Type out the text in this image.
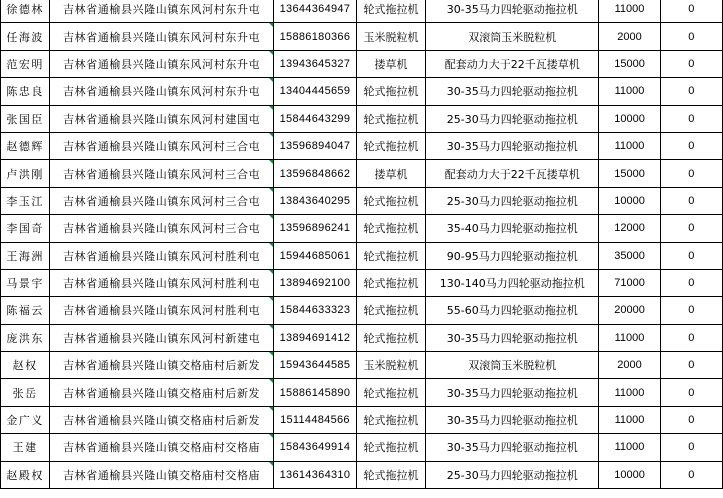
徐德林	吉林省通榆县兴隆山镇东风河村东升屯	13644364947	轮式拖拉机	30-35马力四轮驱动拖拉机	11000	0
任海波	吉林省通榆县兴隆山镇东风河村东升屯	15886180366	玉米脱粒机	双滚筒玉米脱粒机	2000	0
范宏明	吉林省通榆县兴隆山镇东风河村东升屯	13943645327	搂草机	配套动力大于22千瓦搂草机	15000	0
陈忠良	吉林省通榆县兴隆山镇东风河村东升屯	13404445659	轮式拖拉机	30-35马力四轮驱动拖拉机	11000	0
张国臣	吉林省通榆县兴隆山镇东风河村建国屯	15844643299	轮式拖拉机	25-30马力四轮驱动拖拉机	10000	0
赵德辉	吉林省通榆县兴隆山镇东风河村三合屯	13596894047	轮式拖拉机	30-35马力四轮驱动拖拉机	11000	0
卢洪刚	吉林省通榆县兴隆山镇东风河村三合屯	13596848662	搂草机	配套动力大于22千瓦搂草机	15000	0
李玉江	吉林省通榆县兴隆山镇东风河村三合屯	13843640295	轮式拖拉机	25-30马力四轮驱动拖拉机	10000	0
李国奇	吉林省通榆县兴隆山镇东风河村三合屯	13596896241	轮式拖拉机	35-40马力四轮驱动拖拉机	12000	0
王海洲	吉林省通榆县兴隆山镇东风河村胜利屯	15944685061	轮式拖拉机	90-95马力四轮驱动拖拉机	35000	0
马景宇	吉林省通榆县兴隆山镇东风河村胜利屯	13894692100	轮式拖拉机	130-140马力四轮驱动拖拉机	71000	0
陈福云	吉林省通榆县兴隆山镇东风河村胜利屯	15844633323	轮式拖拉机	55-60马力四轮驱动拖拉机	20000	0
庞洪东	吉林省通榆县兴隆山镇东风河村新建屯	13894691412	轮式拖拉机	30-35马力四轮驱动拖拉机	11000	0
赵权	吉林省通榆县兴隆山镇交格庙村后新发	15943644585	玉米脱粒机	双滚筒玉米脱粒机	2000	0
张岳	吉林省通榆县兴隆山镇交格庙村后新发	15886145890	轮式拖拉机	30-35马力四轮驱动拖拉机	11000	0
金广义	吉林省通榆县兴隆山镇交格庙村后新发	15114484566	轮式拖拉机	30-35马力四轮驱动拖拉机	11000	0
王建	吉林省通榆县兴隆山镇交格庙村交格庙	15843649914	轮式拖拉机	30-35马力四轮驱动拖拉机	11000	0
赵殿权	吉林省通榆县兴隆山镇交格庙村交格庙	13614364310	轮式拖拉机	25-30马力四轮驱动拖拉机	10000	0
